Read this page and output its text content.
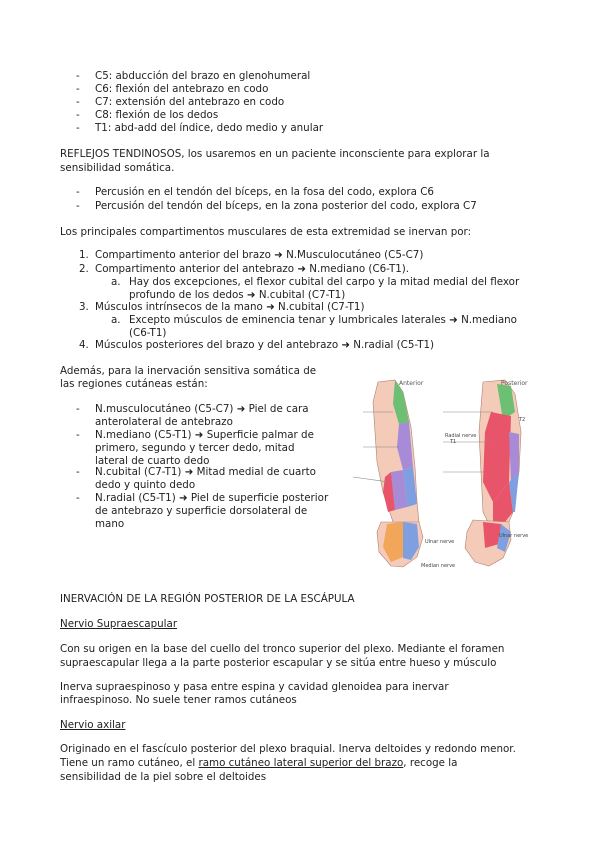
- C5: abducción del brazo en glenohumeral
- C6: flexión del antebrazo en codo
- C7: extensión del antebrazo en codo
- C8: flexión de los dedos
- T1: abd-add del índice, dedo medio y anular
REFLEJOS TENDINOSOS, los usaremos en un paciente inconsciente para explorar la
sensibilidad somática.
- Percusión en el tendón del bíceps, en la fosa del codo, explora C6
- Percusión del tendón del bíceps, en la zona posterior del codo, explora C7
Los principales compartimentos musculares de esta extremidad se inervan por:
1. Compartimento anterior del brazo ➜ N.Musculocutáneo (C5-C7)
2. Compartimento anterior del antebrazo ➜ N.mediano (C6-T1).
a. Hay dos excepciones, el flexor cubital del carpo y la mitad medial del flexor
profundo de los dedos ➜ N.cubital (C7-T1)
3. Músculos intrínsecos de la mano ➜ N.cubital (C7-T1)
a. Excepto músculos de eminencia tenar y lumbricales laterales ➜ N.mediano
(C6-T1)
4. Músculos posteriores del brazo y del antebrazo ➜ N.radial (C5-T1)
Además, para la inervación sensitiva somática de
las regiones cutáneas están:
- N.musculocutáneo (C5-C7) ➜ Piel de cara
anterolateral de antebrazo
- N.mediano (C5-T1) ➜ Superficie palmar de
primero, segundo y tercer dedo, mitad
lateral de cuarto dedo
- N.cubital (C7-T1) ➜ Mitad medial de cuarto
dedo y quinto dedo
- N.radial (C5-T1) ➜ Piel de superficie posterior
de antebrazo y superficie dorsolateral de
mano
Anterior	Posterior
T1
T2
Ulnar nerve
Ulnar nerve
Median nerve
Radial nerve
INERVACIÓN DE LA REGIÓN POSTERIOR DE LA ESCÁPULA
Nervio Supraescapular
Con su origen en la base del cuello del tronco superior del plexo. Mediante el foramen
supraescapular llega a la parte posterior escapular y se sitúa entre hueso y músculo
Inerva supraespinoso y pasa entre espina y cavidad glenoidea para inervar
infraespinoso. No suele tener ramos cutáneos
Nervio axilar
Originado en el fascículo posterior del plexo braquial. Inerva deltoides y redondo menor.
Tiene un ramo cutáneo, el ramo cutáneo lateral superior del brazo, recoge la
sensibilidad de la piel sobre el deltoides
